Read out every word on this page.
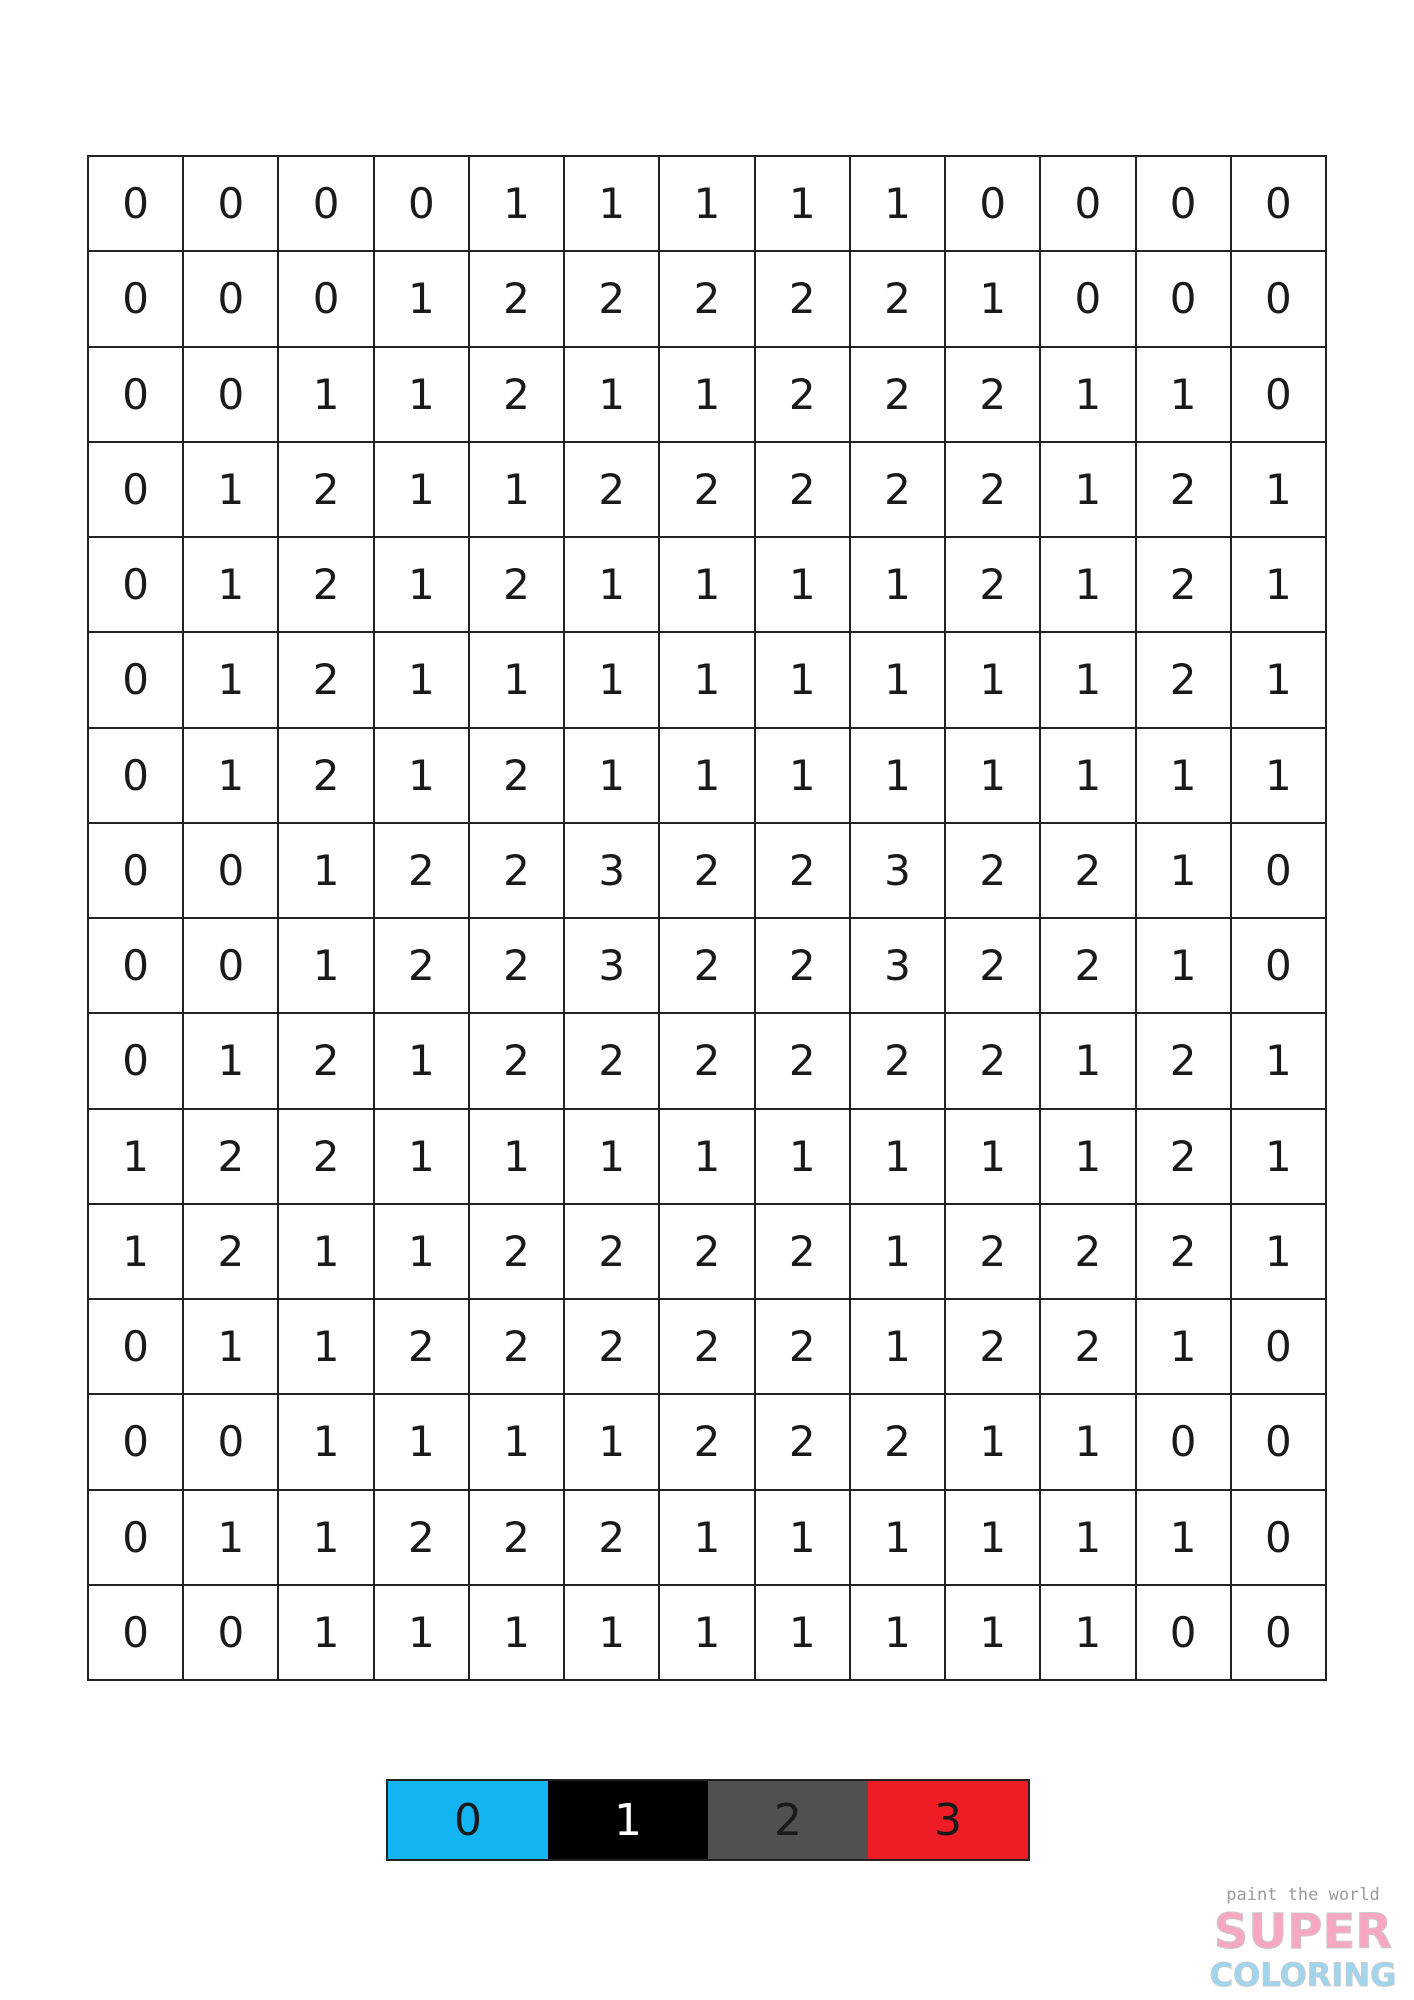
0	0	0	0	1	1	1	1	1	0	0	0	0
0	0	0	1	2	2	2	2	2	1	0	0	0
0	0	1	1	2	1	1	2	2	2	1	1	0
0	1	2	1	1	2	2	2	2	2	1	2	1
0	1	2	1	2	1	1	1	1	2	1	2	1
0	1	2	1	1	1	1	1	1	1	1	2	1
0	1	2	1	2	1	1	1	1	1	1	1	1
0	0	1	2	2	3	2	2	3	2	2	1	0
0	0	1	2	2	3	2	2	3	2	2	1	0
0	1	2	1	2	2	2	2	2	2	1	2	1
1	2	2	1	1	1	1	1	1	1	1	2	1
1	2	1	1	2	2	2	2	1	2	2	2	1
0	1	1	2	2	2	2	2	1	2	2	1	0
0	0	1	1	1	1	2	2	2	1	1	0	0
0	1	1	2	2	2	1	1	1	1	1	1	0
0	0	1	1	1	1	1	1	1	1	1	0	0
0	1	2	3
paint the world
SUPER
COLORING
